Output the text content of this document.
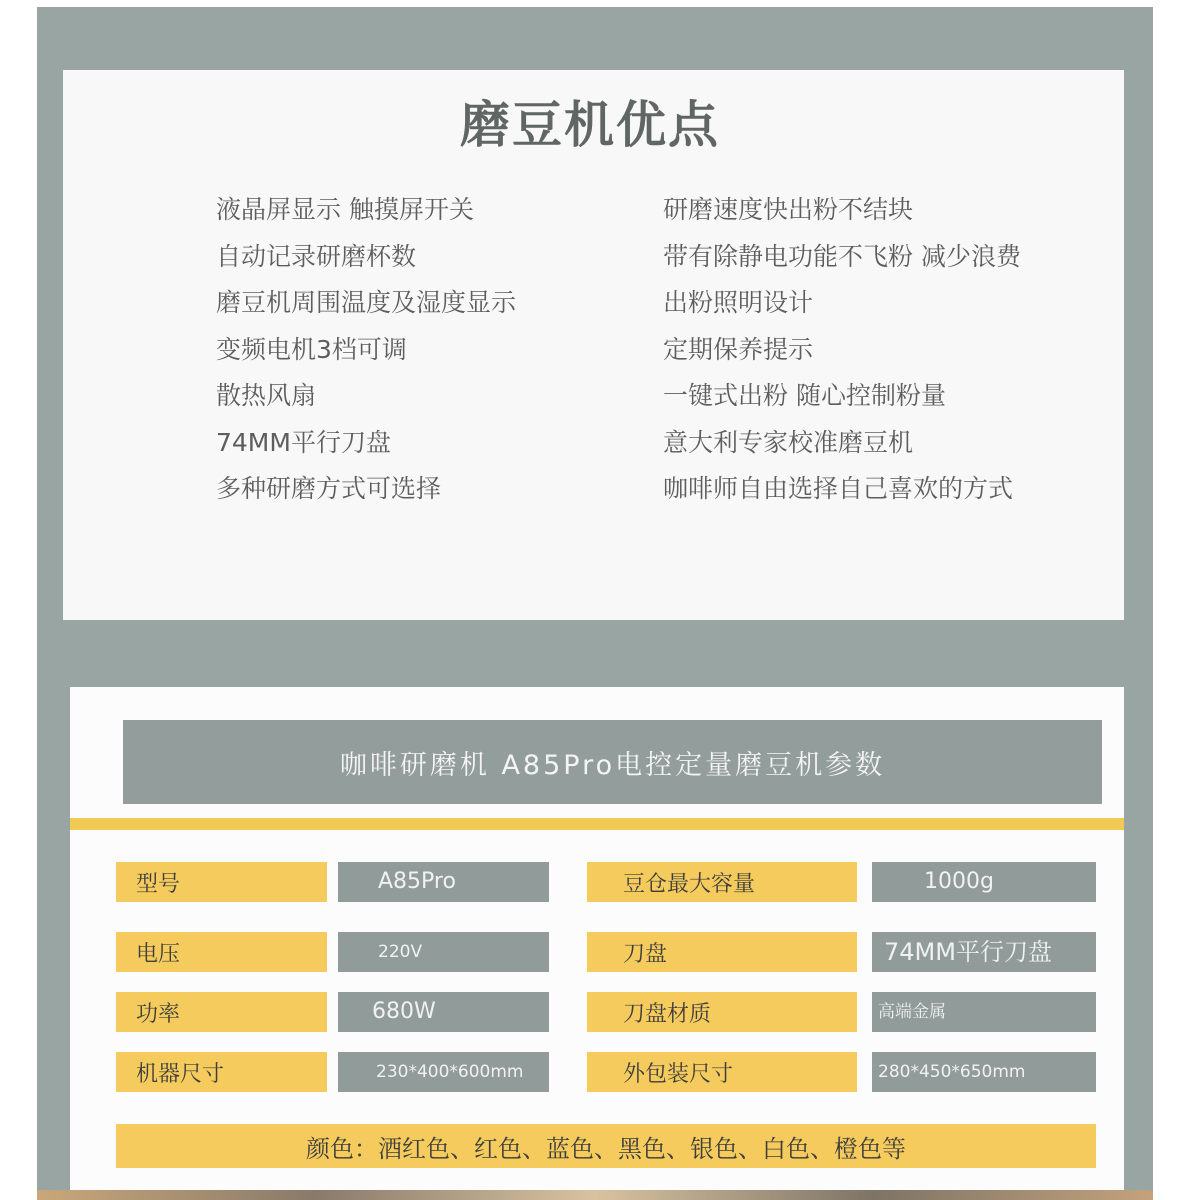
磨豆机优点
液晶屏显示 触摸屏开关
自动记录研磨杯数
磨豆机周围温度及湿度显示
变频电机3档可调
散热风扇
74MM平行刀盘
多种研磨方式可选择
研磨速度快出粉不结块
带有除静电功能不飞粉 减少浪费
出粉照明设计
定期保养提示
一键式出粉 随心控制粉量
意大利专家校准磨豆机
咖啡师自由选择自己喜欢的方式
咖啡研磨机 A85Pro电控定量磨豆机参数
型号	A85Pro	豆仓最大容量	1000g
电压	220V	刀盘	74MM平行刀盘
功率	680W	刀盘材质	高端金属
机器尺寸	230*400*600mm	外包装尺寸	280*450*650mm
颜色：酒红色、红色、蓝色、黑色、银色、白色、橙色等
